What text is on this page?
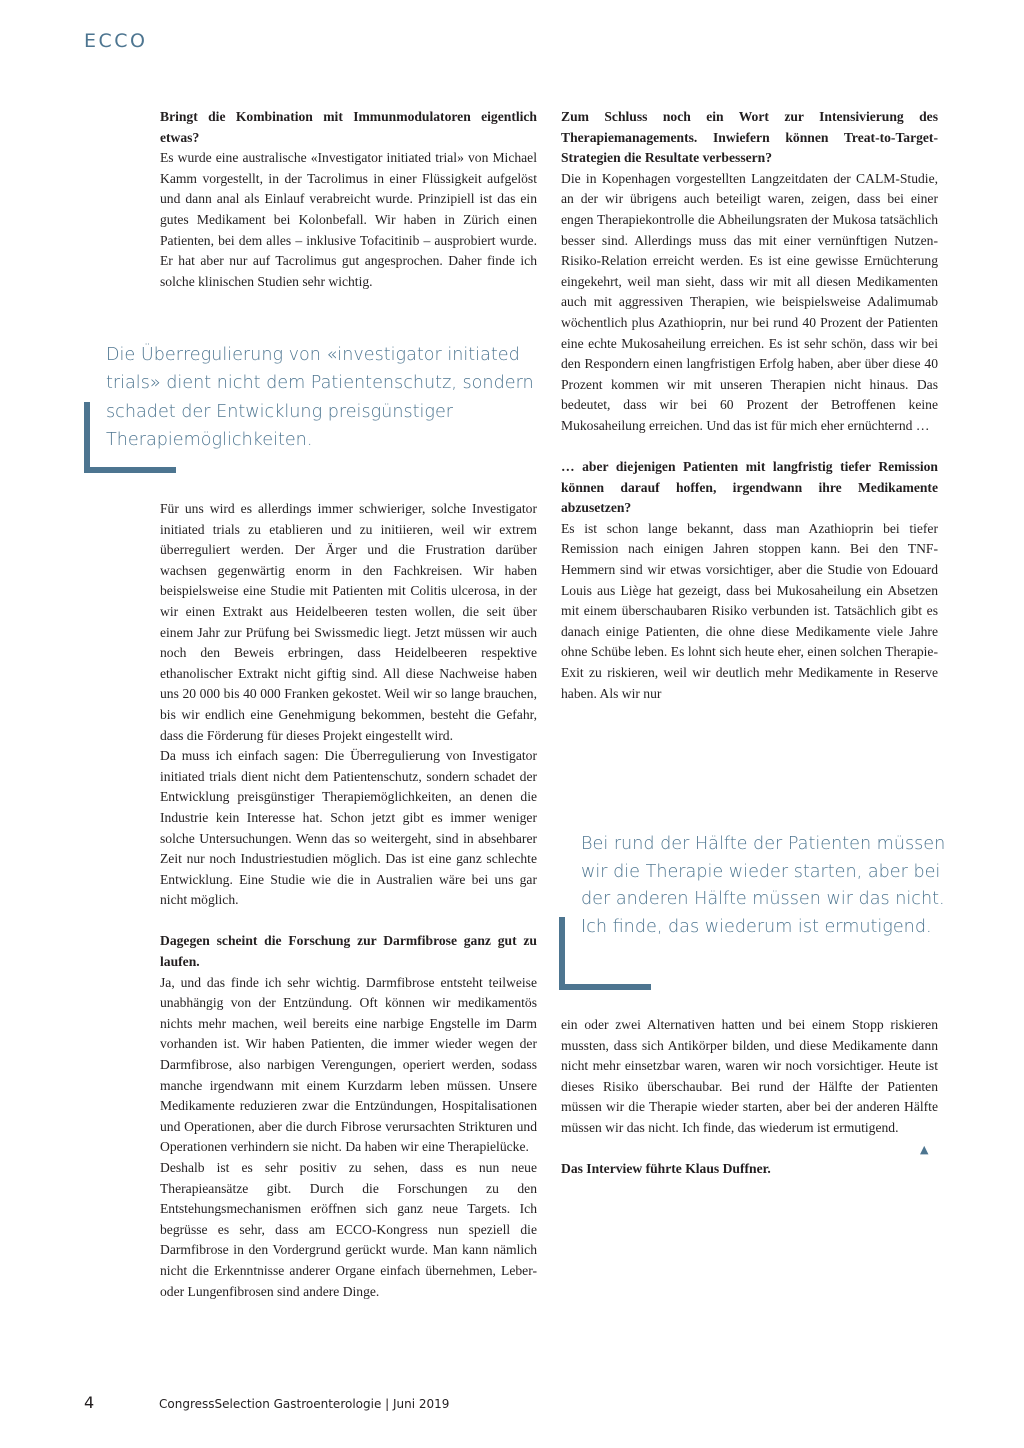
ECCO

Bringt die Kombination mit Immunmodulatoren eigentlich etwas?

Es wurde eine australische «Investigator initiated trial» von Michael Kamm vorgestellt, in der Tacrolimus in einer Flüssigkeit aufgelöst und dann anal als Einlauf verabreicht wurde. Prinzipiell ist das ein gutes Medikament bei Kolonbefall. Wir haben in Zürich einen Patienten, bei dem alles – inklusive Tofacitinib – ausprobiert wurde. Er hat aber nur auf Tacrolimus gut angesprochen. Daher finde ich solche klinischen Studien sehr wichtig.

Die Überregulierung von «investigator initiated trials» dient nicht dem Patientenschutz, sondern schadet der Entwicklung preisgünstiger Therapiemöglichkeiten.

Für uns wird es allerdings immer schwieriger, solche Investigator initiated trials zu etablieren und zu initiieren, weil wir extrem überreguliert werden. Der Ärger und die Frustration darüber wachsen gegenwärtig enorm in den Fachkreisen. Wir haben beispielsweise eine Studie mit Patienten mit Colitis ulcerosa, in der wir einen Extrakt aus Heidelbeeren testen wollen, die seit über einem Jahr zur Prüfung bei Swissmedic liegt. Jetzt müssen wir auch noch den Beweis erbringen, dass Heidelbeeren respektive ethanolischer Extrakt nicht giftig sind. All diese Nachweise haben uns 20 000 bis 40 000 Franken gekostet. Weil wir so lange brauchen, bis wir endlich eine Genehmigung bekommen, besteht die Gefahr, dass die Förderung für dieses Projekt eingestellt wird.

Da muss ich einfach sagen: Die Überregulierung von Investigator initiated trials dient nicht dem Patientenschutz, sondern schadet der Entwicklung preisgünstiger Therapiemöglichkeiten, an denen die Industrie kein Interesse hat. Schon jetzt gibt es immer weniger solche Untersuchungen. Wenn das so weitergeht, sind in absehbarer Zeit nur noch Industriestudien möglich. Das ist eine ganz schlechte Entwicklung. Eine Studie wie die in Australien wäre bei uns gar nicht möglich.

Dagegen scheint die Forschung zur Darmfibrose ganz gut zu laufen.

Ja, und das finde ich sehr wichtig. Darmfibrose entsteht teilweise unabhängig von der Entzündung. Oft können wir medikamentös nichts mehr machen, weil bereits eine narbige Engstelle im Darm vorhanden ist. Wir haben Patienten, die immer wieder wegen der Darmfibrose, also narbigen Verengungen, operiert werden, sodass manche irgendwann mit einem Kurzdarm leben müssen. Unsere Medikamente reduzieren zwar die Entzündungen, Hospitalisationen und Operationen, aber die durch Fibrose verursachten Strikturen und Operationen verhindern sie nicht. Da haben wir eine Therapielücke.

Deshalb ist es sehr positiv zu sehen, dass es nun neue Therapieansätze gibt. Durch die Forschungen zu den Entstehungsmechanismen eröffnen sich ganz neue Targets. Ich begrüsse es sehr, dass am ECCO-Kongress nun speziell die Darmfibrose in den Vordergrund gerückt wurde. Man kann nämlich nicht die Erkenntnisse anderer Organe einfach übernehmen, Leber- oder Lungenfibrosen sind andere Dinge.

Zum Schluss noch ein Wort zur Intensivierung des Therapiemanagements. Inwiefern können Treat-to-Target-Strategien die Resultate verbessern?

Die in Kopenhagen vorgestellten Langzeitdaten der CALM-Studie, an der wir übrigens auch beteiligt waren, zeigen, dass bei einer engen Therapiekontrolle die Abheilungsraten der Mukosa tatsächlich besser sind. Allerdings muss das mit einer vernünftigen Nutzen-Risiko-Relation erreicht werden. Es ist eine gewisse Ernüchterung eingekehrt, weil man sieht, dass wir mit all diesen Medikamenten auch mit aggressiven Therapien, wie beispielsweise Adalimumab wöchentlich plus Azathioprin, nur bei rund 40 Prozent der Patienten eine echte Mukosaheilung erreichen. Es ist sehr schön, dass wir bei den Respondern einen langfristigen Erfolg haben, aber über diese 40 Prozent kommen wir mit unseren Therapien nicht hinaus. Das bedeutet, dass wir bei 60 Prozent der Betroffenen keine Mukosaheilung erreichen. Und das ist für mich eher ernüchternd …

… aber diejenigen Patienten mit langfristig tiefer Remission können darauf hoffen, irgendwann ihre Medikamente abzusetzen?

Es ist schon lange bekannt, dass man Azathioprin bei tiefer Remission nach einigen Jahren stoppen kann. Bei den TNF-Hemmern sind wir etwas vorsichtiger, aber die Studie von Edouard Louis aus Liège hat gezeigt, dass bei Mukosaheilung ein Absetzen mit einem überschaubaren Risiko verbunden ist. Tatsächlich gibt es danach einige Patienten, die ohne diese Medikamente viele Jahre ohne Schübe leben. Es lohnt sich heute eher, einen solchen Therapie-Exit zu riskieren, weil wir deutlich mehr Medikamente in Reserve haben. Als wir nur

Bei rund der Hälfte der Patienten müssen wir die Therapie wieder starten, aber bei der anderen Hälfte müssen wir das nicht. Ich finde, das wiederum ist ermutigend.

ein oder zwei Alternativen hatten und bei einem Stopp riskieren mussten, dass sich Antikörper bilden, und diese Medikamente dann nicht mehr einsetzbar waren, waren wir noch vorsichtiger. Heute ist dieses Risiko überschaubar. Bei rund der Hälfte der Patienten müssen wir die Therapie wieder starten, aber bei der anderen Hälfte müssen wir das nicht. Ich finde, das wiederum ist ermutigend.

Das Interview führte Klaus Duffner.

▲
4	CongressSelection Gastroenterologie | Juni 2019
